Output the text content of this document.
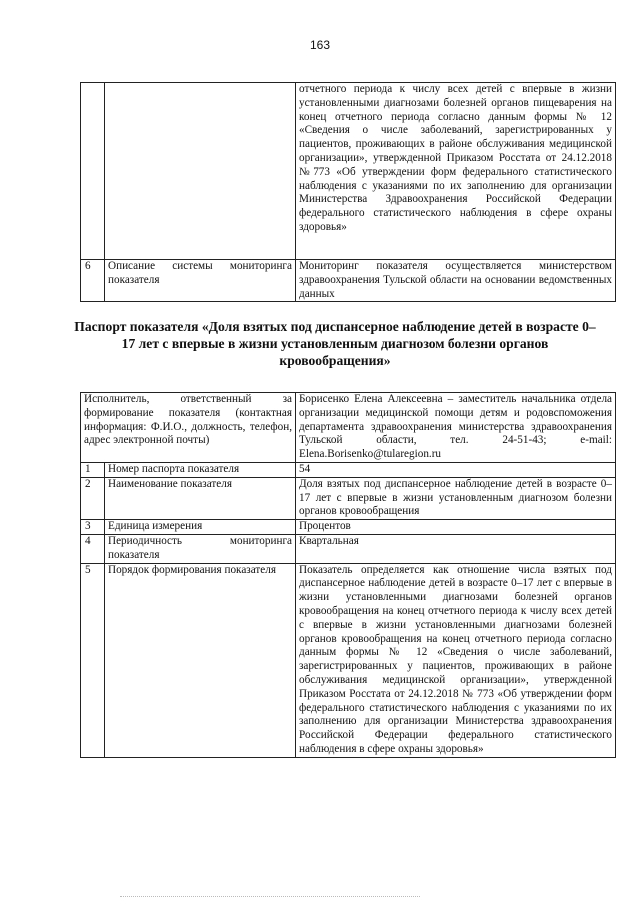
163
		отчетного периода к числу всех детей с впервые в жизни установленными диагнозами болезней органов пищеварения на конец отчетного периода согласно данным формы № 12 «Сведения о числе заболеваний, зарегистрированных у пациентов, проживающих в районе обслуживания медицинской организации», утвержденной Приказом Росстата от 24.12.2018 №773 «Об утверждении форм федерального статистического наблюдения с указаниями по их заполнению для организации Министерства Здравоохранения Российской Федерации федерального статистического наблюдения в сфере охраны здоровья»
6	Описание системы мониторинга показателя	Мониторинг показателя осуществляется министерством здравоохранения Тульской области на основании ведомственных данных
Паспорт показателя «Доля взятых под диспансерное наблюдение детей в возрасте 0–17 лет с впервые в жизни установленным диагнозом болезни органов кровообращения»
Исполнитель, ответственный за формирование показателя (контактная информация: Ф.И.О., должность, телефон, адрес электронной почты)		Борисенко Елена Алексеевна – заместитель начальника отдела организации медицинской помощи детям и родовспоможения департамента здравоохранения министерства здравоохранения Тульской области, тел. 24-51-43; e-mail: Elena.Borisenko@tularegion.ru
1	Номер паспорта показателя	54
2	Наименование показателя	Доля взятых под диспансерное наблюдение детей в возрасте 0–17 лет с впервые в жизни установленным диагнозом болезни органов кровообращения
3	Единица измерения	Процентов
4	Периодичность мониторинга показателя	Квартальная
5	Порядок формирования показателя	Показатель определяется как отношение числа взятых под диспансерное наблюдение детей в возрасте 0–17 лет с впервые в жизни установленными диагнозами болезней органов кровообращения на конец отчетного периода к числу всех детей с впервые в жизни установленными диагнозами болезней органов кровообращения на конец отчетного периода согласно данным формы № 12 «Сведения о числе заболеваний, зарегистрированных у пациентов, проживающих в районе обслуживания медицинской организации», утвержденной Приказом Росстата от 24.12.2018 № 773 «Об утверждении форм федерального статистического наблюдения с указаниями по их заполнению для организации Министерства здравоохранения Российской Федерации федерального статистического наблюдения в сфере охраны здоровья»
